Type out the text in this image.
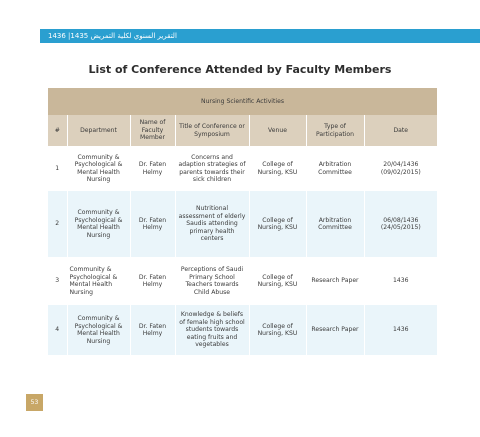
التقرير السنوي لكلية التمريض 1435| 1436
List of Conference Attended by Faculty Members
Nursing Scientific Activities						
#	Department	Name of Faculty Member	Title of Conference or Symposium	Venue	Type of Participation	Date
1	Community & Psychological & Mental Health Nursing	Dr. Faten Helmy	Concerns and adaption strategies of parents towards their sick children	College of Nursing, KSU	Arbitration Committee	20/04/1436 (09/02/2015)
2	Community & Psychological & Mental Health Nursing	Dr. Faten Helmy	Nutritional assessment of elderly Saudis attending primary health centers	College of Nursing, KSU	Arbitration Committee	06/08/1436 (24/05/2015)
3	Community & Psychological & Mental Health Nursing	Dr. Faten Helmy	Perceptions of Saudi Primary School Teachers towards Child Abuse	College of Nursing, KSU	Research Paper	1436
4	Community & Psychological & Mental Health Nursing	Dr. Faten Helmy	Knowledge & beliefs of female high school students towards eating fruits and vegetables	College of Nursing, KSU	Research Paper	1436
53
